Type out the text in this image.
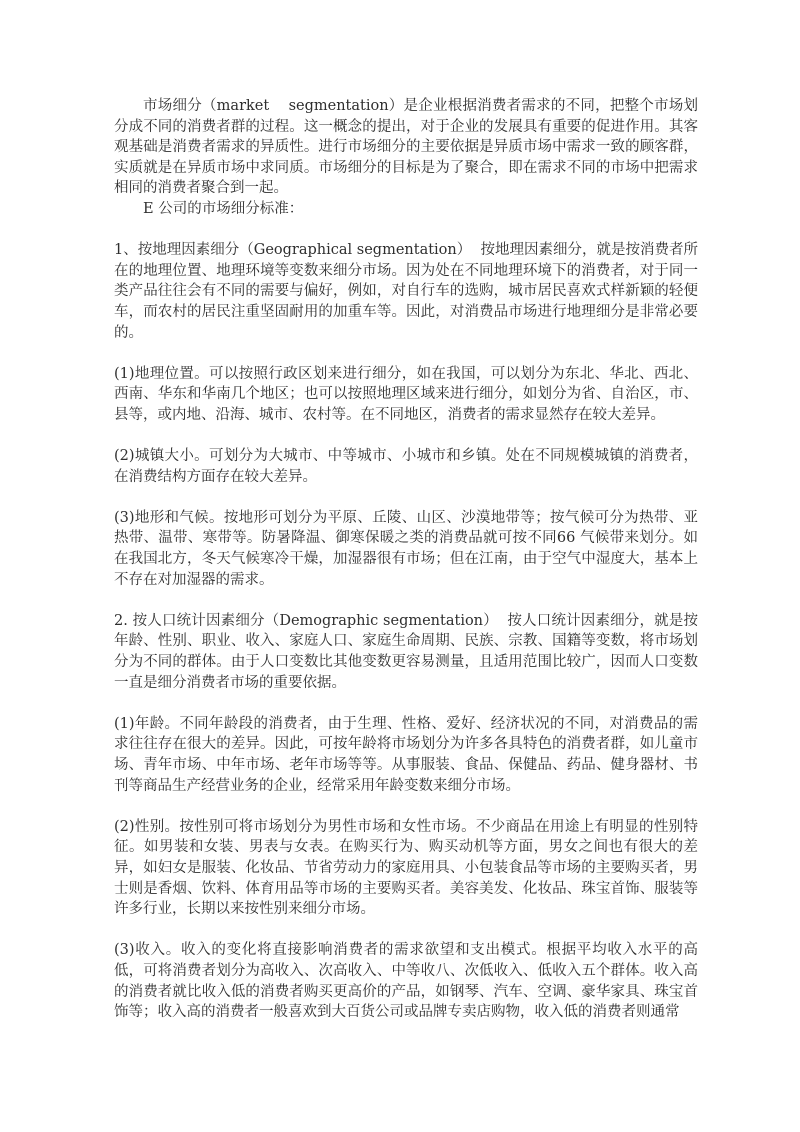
市场细分（market    segmentation）是企业根据消费者需求的不同，把整个市场划分成不同的消费者群的过程。这一概念的提出，对于企业的发展具有重要的促进作用。其客观基础是消费者需求的异质性。进行市场细分的主要依据是异质市场中需求一致的顾客群，实质就是在异质市场中求同质。市场细分的目标是为了聚合，即在需求不同的市场中把需求相同的消费者聚合到一起。

E 公司的市场细分标准：

1、按地理因素细分（Geographical segmentation）  按地理因素细分，就是按消费者所在的地理位置、地理环境等变数来细分市场。因为处在不同地理环境下的消费者，对于同一类产品往往会有不同的需要与偏好，例如，对自行车的选购，城市居民喜欢式样新颖的轻便车，而农村的居民注重坚固耐用的加重车等。因此，对消费品市场进行地理细分是非常必要的。

(1)地理位置。可以按照行政区划来进行细分，如在我国，可以划分为东北、华北、西北、西南、华东和华南几个地区；也可以按照地理区域来进行细分，如划分为省、自治区，市、县等，或内地、沿海、城市、农村等。在不同地区，消费者的需求显然存在较大差异。

(2)城镇大小。可划分为大城市、中等城市、小城市和乡镇。处在不同规模城镇的消费者，在消费结构方面存在较大差异。

(3)地形和气候。按地形可划分为平原、丘陵、山区、沙漠地带等；按气候可分为热带、亚热带、温带、寒带等。防暑降温、御寒保暖之类的消费品就可按不同66 气候带来划分。如在我国北方，冬天气候寒冷干燥，加湿器很有市场；但在江南，由于空气中湿度大，基本上不存在对加湿器的需求。

2. 按人口统计因素细分（Demographic segmentation）  按人口统计因素细分，就是按年龄、性别、职业、收入、家庭人口、家庭生命周期、民族、宗教、国籍等变数，将市场划分为不同的群体。由于人口变数比其他变数更容易测量，且适用范围比较广，因而人口变数一直是细分消费者市场的重要依据。

(1)年龄。不同年龄段的消费者，由于生理、性格、爱好、经济状况的不同，对消费品的需求往往存在很大的差异。因此，可按年龄将市场划分为许多各具特色的消费者群，如儿童市场、青年市场、中年市场、老年市场等等。从事服装、食品、保健品、药品、健身器材、书刊等商品生产经营业务的企业，经常采用年龄变数来细分市场。

(2)性别。按性别可将市场划分为男性市场和女性市场。不少商品在用途上有明显的性别特征。如男装和女装、男表与女表。在购买行为、购买动机等方面，男女之间也有很大的差异，如妇女是服装、化妆品、节省劳动力的家庭用具、小包装食品等市场的主要购买者，男士则是香烟、饮料、体育用品等市场的主要购买者。美容美发、化妆品、珠宝首饰、服装等许多行业，长期以来按性别来细分市场。

(3)收入。收入的变化将直接影响消费者的需求欲望和支出模式。根据平均收入水平的高低，可将消费者划分为高收入、次高收入、中等收八、次低收入、低收入五个群体。收入高的消费者就比收入低的消费者购买更高价的产品，如钢琴、汽车、空调、豪华家具、珠宝首饰等；收入高的消费者一般喜欢到大百货公司或品牌专卖店购物，收入低的消费者则通常
